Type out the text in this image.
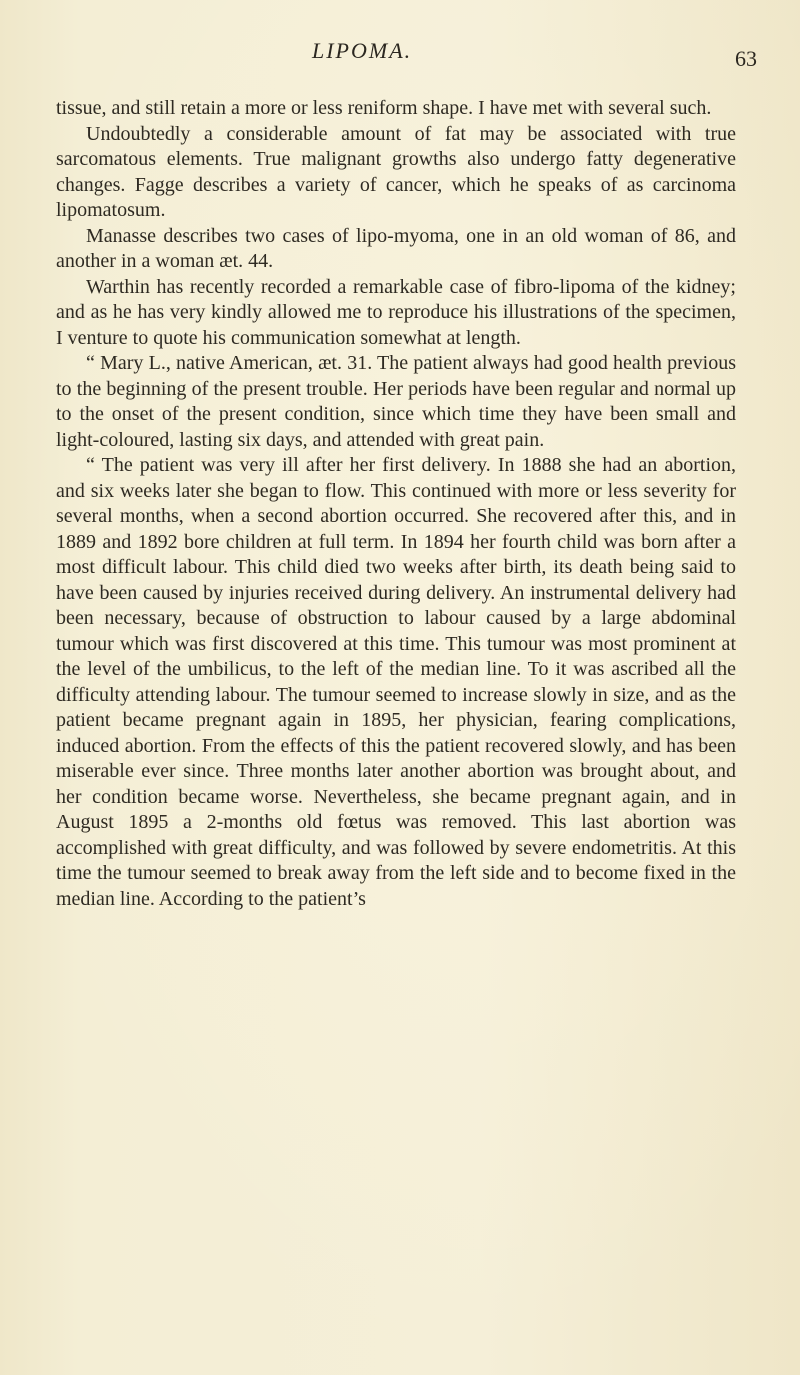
LIPOMA.	63

tissue, and still retain a more or less reniform shape. I have met with several such.

Undoubtedly a considerable amount of fat may be associated with true sarcomatous elements. True malignant growths also undergo fatty degenerative changes. Fagge describes a variety of cancer, which he speaks of as carcinoma lipomatosum.

Manasse describes two cases of lipo-myoma, one in an old woman of 86, and another in a woman æt. 44.

Warthin has recently recorded a remarkable case of fibro-lipoma of the kidney; and as he has very kindly allowed me to reproduce his illustrations of the specimen, I venture to quote his communication somewhat at length.

“ Mary L., native American, æt. 31. The patient always had good health previous to the beginning of the present trouble. Her periods have been regular and normal up to the onset of the present condition, since which time they have been small and light-coloured, lasting six days, and attended with great pain.

“ The patient was very ill after her first delivery. In 1888 she had an abortion, and six weeks later she began to flow. This continued with more or less severity for several months, when a second abortion occurred. She recovered after this, and in 1889 and 1892 bore children at full term. In 1894 her fourth child was born after a most difficult labour. This child died two weeks after birth, its death being said to have been caused by injuries received during delivery. An instrumental delivery had been necessary, because of obstruction to labour caused by a large abdominal tumour which was first discovered at this time. This tumour was most prominent at the level of the umbilicus, to the left of the median line. To it was ascribed all the difficulty attending labour. The tumour seemed to increase slowly in size, and as the patient became pregnant again in 1895, her physician, fearing complications, induced abortion. From the effects of this the patient recovered slowly, and has been miserable ever since. Three months later another abortion was brought about, and her condition became worse. Nevertheless, she became pregnant again, and in August 1895 a 2-months old fœtus was removed. This last abortion was accomplished with great difficulty, and was followed by severe endometritis. At this time the tumour seemed to break away from the left side and to become fixed in the median line. According to the patient’s
